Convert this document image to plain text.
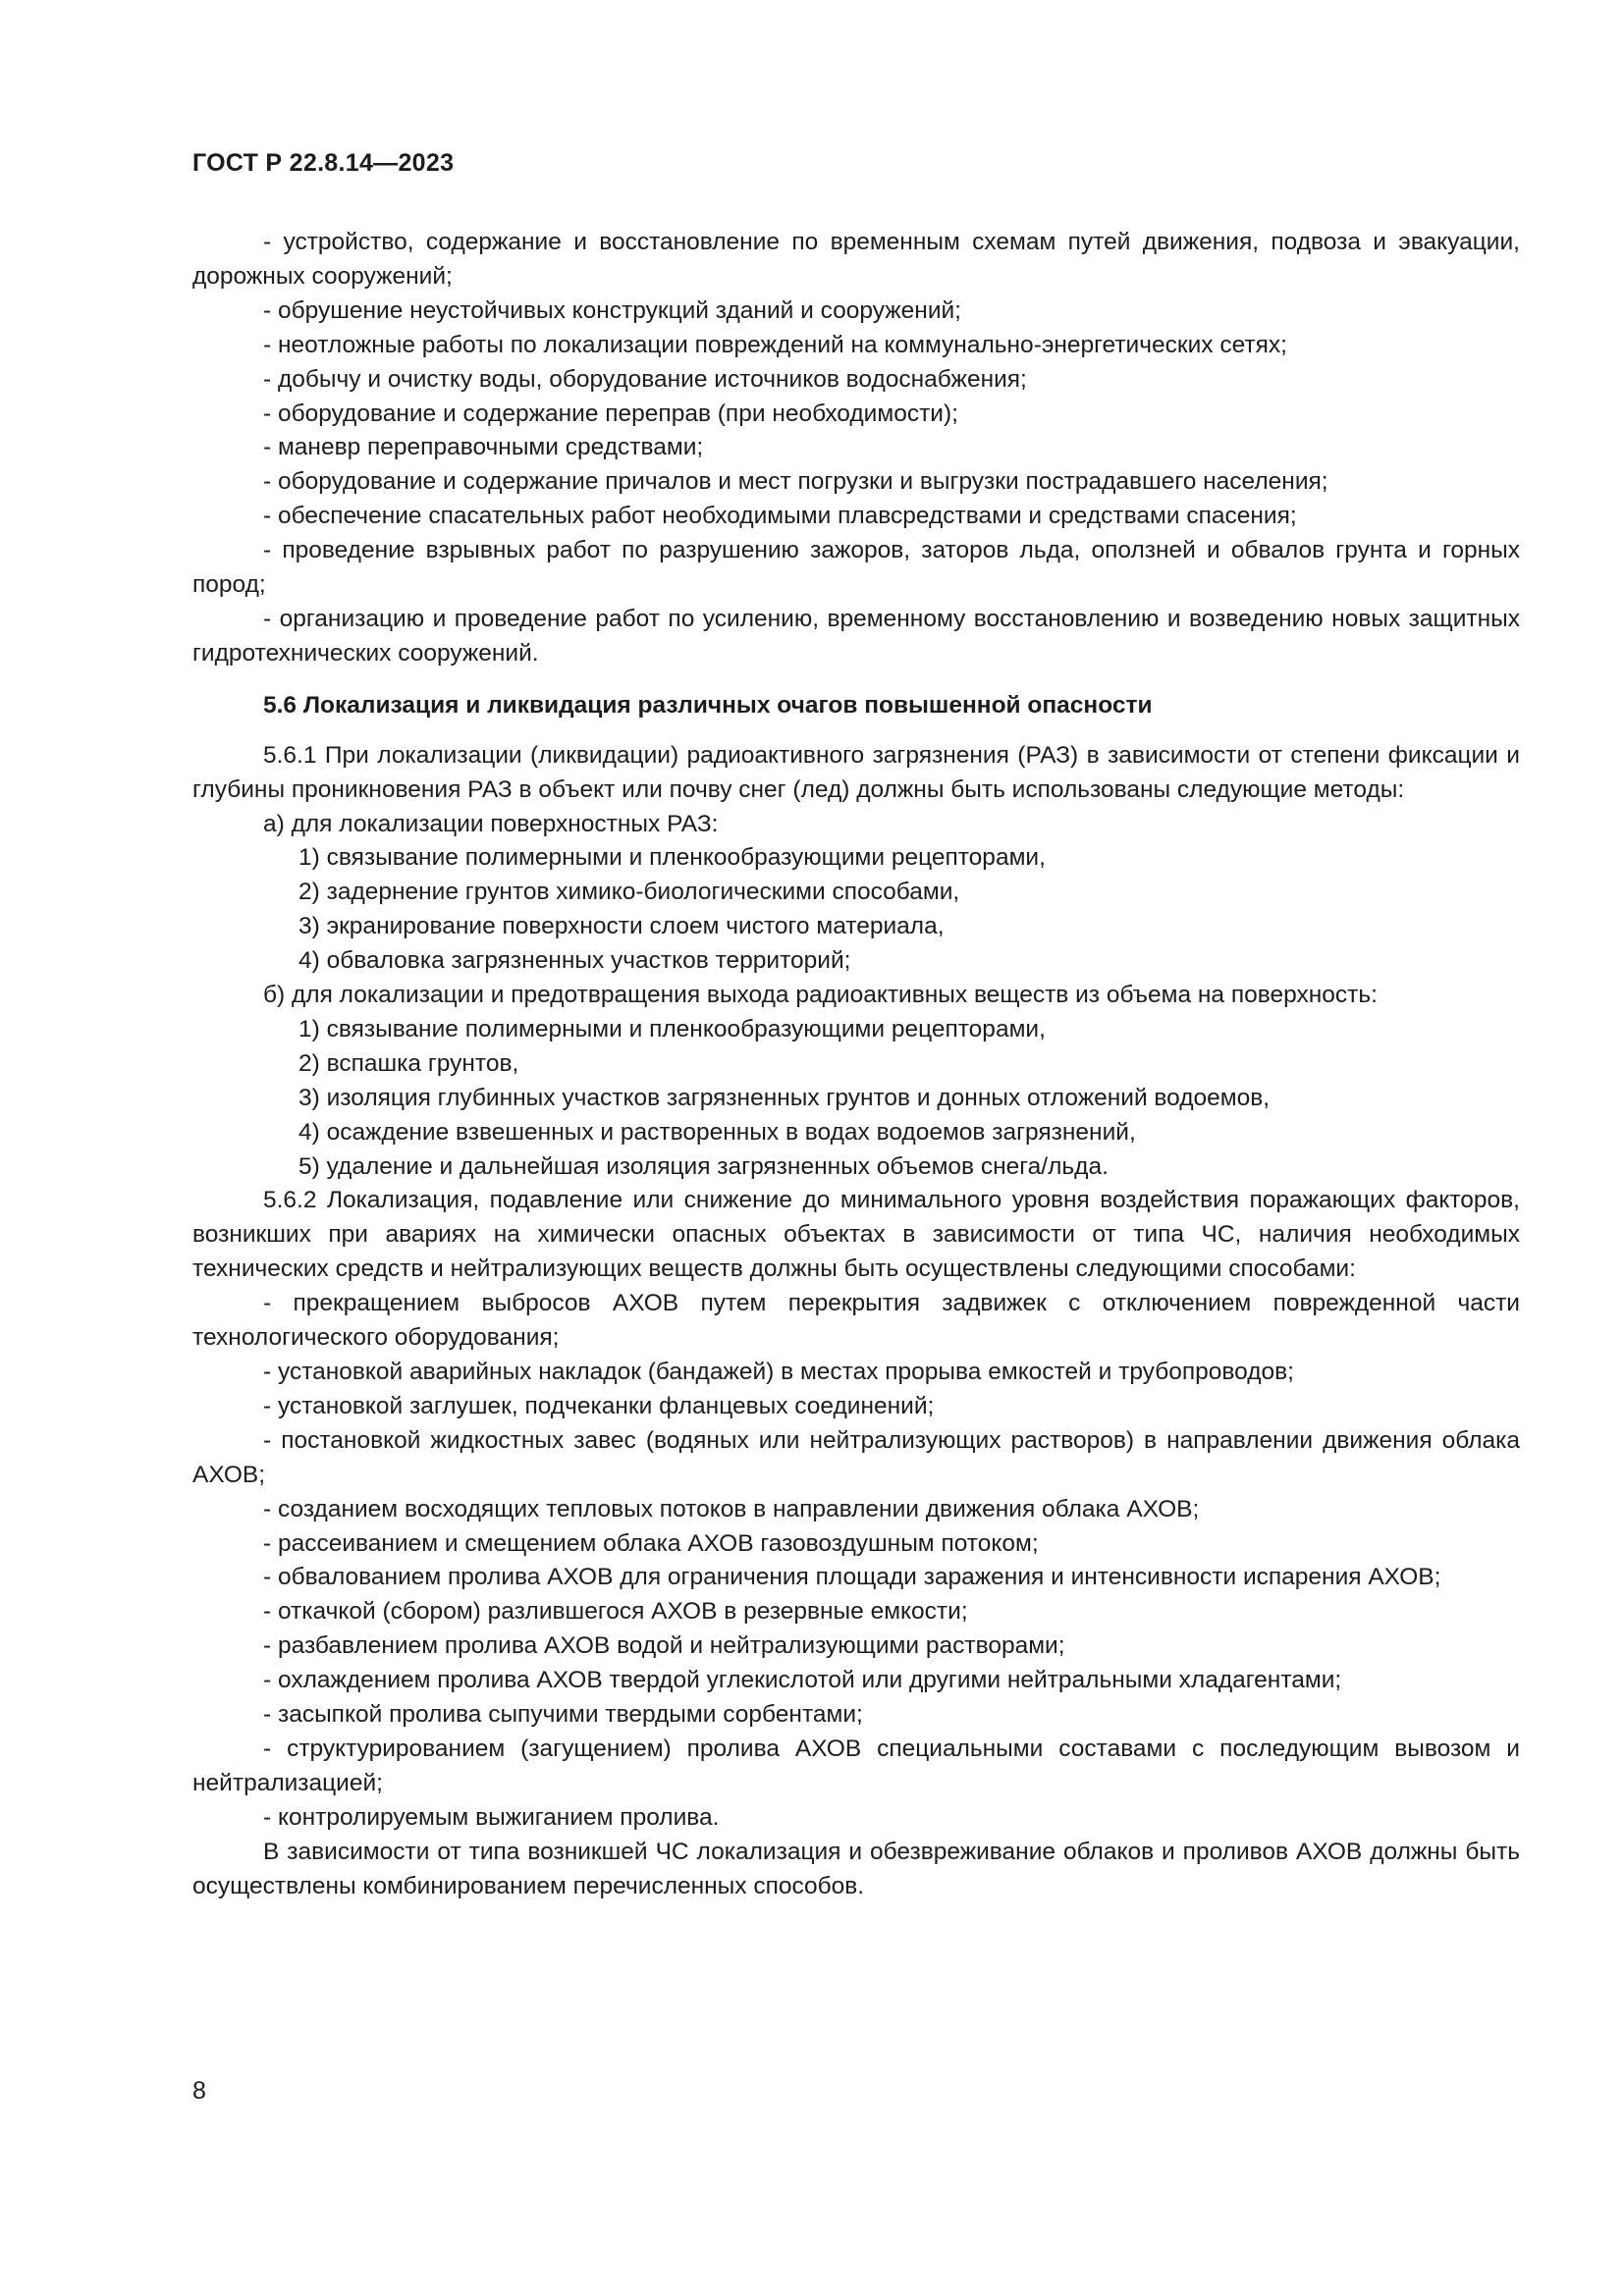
ГОСТ Р 22.8.14—2023

- устройство, содержание и восстановление по временным схемам путей движения, подвоза и эвакуации, дорожных сооружений;

- обрушение неустойчивых конструкций зданий и сооружений;

- неотложные работы по локализации повреждений на коммунально-энергетических сетях;

- добычу и очистку воды, оборудование источников водоснабжения;

- оборудование и содержание переправ (при необходимости);

- маневр переправочными средствами;

- оборудование и содержание причалов и мест погрузки и выгрузки пострадавшего населения;

- обеспечение спасательных работ необходимыми плавсредствами и средствами спасения;

- проведение взрывных работ по разрушению зажоров, заторов льда, оползней и обвалов грунта и горных пород;

- организацию и проведение работ по усилению, временному восстановлению и возведению новых защитных гидротехнических сооружений.

5.6 Локализация и ликвидация различных очагов повышенной опасности

5.6.1 При локализации (ликвидации) радиоактивного загрязнения (РАЗ) в зависимости от степени фиксации и глубины проникновения РАЗ в объект или почву снег (лед) должны быть использованы следующие методы:

а) для локализации поверхностных РАЗ:

1) связывание полимерными и пленкообразующими рецепторами,

2) задернение грунтов химико-биологическими способами,

3) экранирование поверхности слоем чистого материала,

4) обваловка загрязненных участков территорий;

б) для локализации и предотвращения выхода радиоактивных веществ из объема на поверхность:

1) связывание полимерными и пленкообразующими рецепторами,

2) вспашка грунтов,

3) изоляция глубинных участков загрязненных грунтов и донных отложений водоемов,

4) осаждение взвешенных и растворенных в водах водоемов загрязнений,

5) удаление и дальнейшая изоляция загрязненных объемов снега/льда.

5.6.2 Локализация, подавление или снижение до минимального уровня воздействия поражающих факторов, возникших при авариях на химически опасных объектах в зависимости от типа ЧС, наличия необходимых технических средств и нейтрализующих веществ должны быть осуществлены следующими способами:

- прекращением выбросов АХОВ путем перекрытия задвижек с отключением поврежденной части технологического оборудования;

- установкой аварийных накладок (бандажей) в местах прорыва емкостей и трубопроводов;

- установкой заглушек, подчеканки фланцевых соединений;

- постановкой жидкостных завес (водяных или нейтрализующих растворов) в направлении движения облака АХОВ;

- созданием восходящих тепловых потоков в направлении движения облака АХОВ;

- рассеиванием и смещением облака АХОВ газовоздушным потоком;

- обвалованием пролива АХОВ для ограничения площади заражения и интенсивности испарения АХОВ;

- откачкой (сбором) разлившегося АХОВ в резервные емкости;

- разбавлением пролива АХОВ водой и нейтрализующими растворами;

- охлаждением пролива АХОВ твердой углекислотой или другими нейтральными хладагентами;

- засыпкой пролива сыпучими твердыми сорбентами;

- структурированием (загущением) пролива АХОВ специальными составами с последующим вывозом и нейтрализацией;

- контролируемым выжиганием пролива.

В зависимости от типа возникшей ЧС локализация и обезвреживание облаков и проливов АХОВ должны быть осуществлены комбинированием перечисленных способов.

8
